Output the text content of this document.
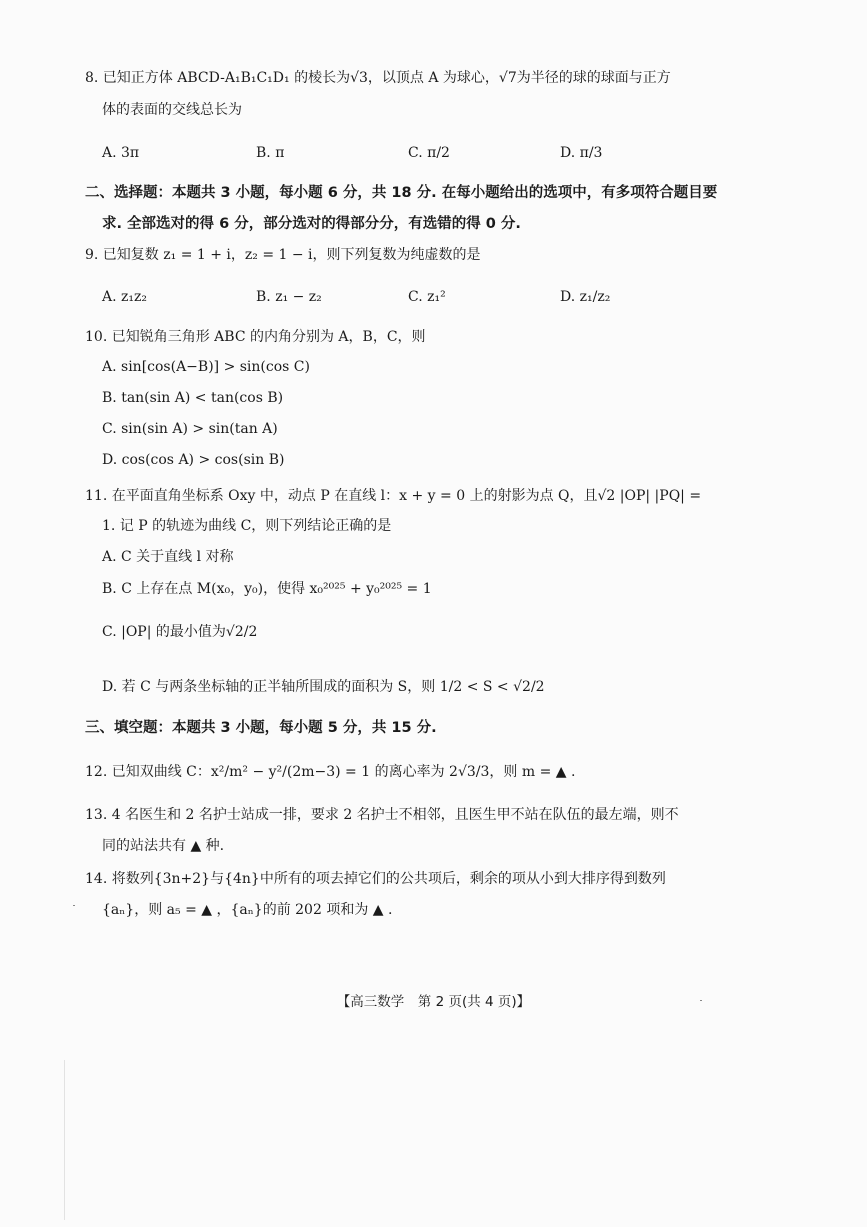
8. 已知正方体 ABCD-A₁B₁C₁D₁ 的棱长为√3，以顶点 A 为球心，√7为半径的球的球面与正方
体的表面的交线总长为
A. 3π	B. π	C. π/2	D. π/3
二、选择题：本题共 3 小题，每小题 6 分，共 18 分. 在每小题给出的选项中，有多项符合题目要
求. 全部选对的得 6 分，部分选对的得部分分，有选错的得 0 分.
9. 已知复数 z₁ = 1 + i，z₂ = 1 − i，则下列复数为纯虚数的是
A. z₁z₂	B. z₁ − z₂	C. z₁²	D. z₁/z₂
10. 已知锐角三角形 ABC 的内角分别为 A，B，C，则
A. sin[cos(A−B)] > sin(cos C)
B. tan(sin A) < tan(cos B)
C. sin(sin A) > sin(tan A)
D. cos(cos A) > cos(sin B)
11. 在平面直角坐标系 Oxy 中，动点 P 在直线 l：x + y = 0 上的射影为点 Q，且√2 |OP| |PQ| =
1. 记 P 的轨迹为曲线 C，则下列结论正确的是
A. C 关于直线 l 对称
B. C 上存在点 M(x₀，y₀)，使得 x₀²⁰²⁵ + y₀²⁰²⁵ = 1
C. |OP| 的最小值为√2/2
D. 若 C 与两条坐标轴的正半轴所围成的面积为 S，则 1/2 < S < √2/2
三、填空题：本题共 3 小题，每小题 5 分，共 15 分.
12. 已知双曲线 C：x²/m² − y²/(2m−3) = 1 的离心率为 2√3/3，则 m = ▲ .
13. 4 名医生和 2 名护士站成一排，要求 2 名护士不相邻，且医生甲不站在队伍的最左端，则不
同的站法共有 ▲ 种.
14. 将数列{3n+2}与{4n}中所有的项去掉它们的公共项后，剩余的项从小到大排序得到数列
{aₙ}，则 a₅ = ▲ ，{aₙ}的前 202 项和为 ▲ .
【高三数学　第 2 页(共 4 页)】
